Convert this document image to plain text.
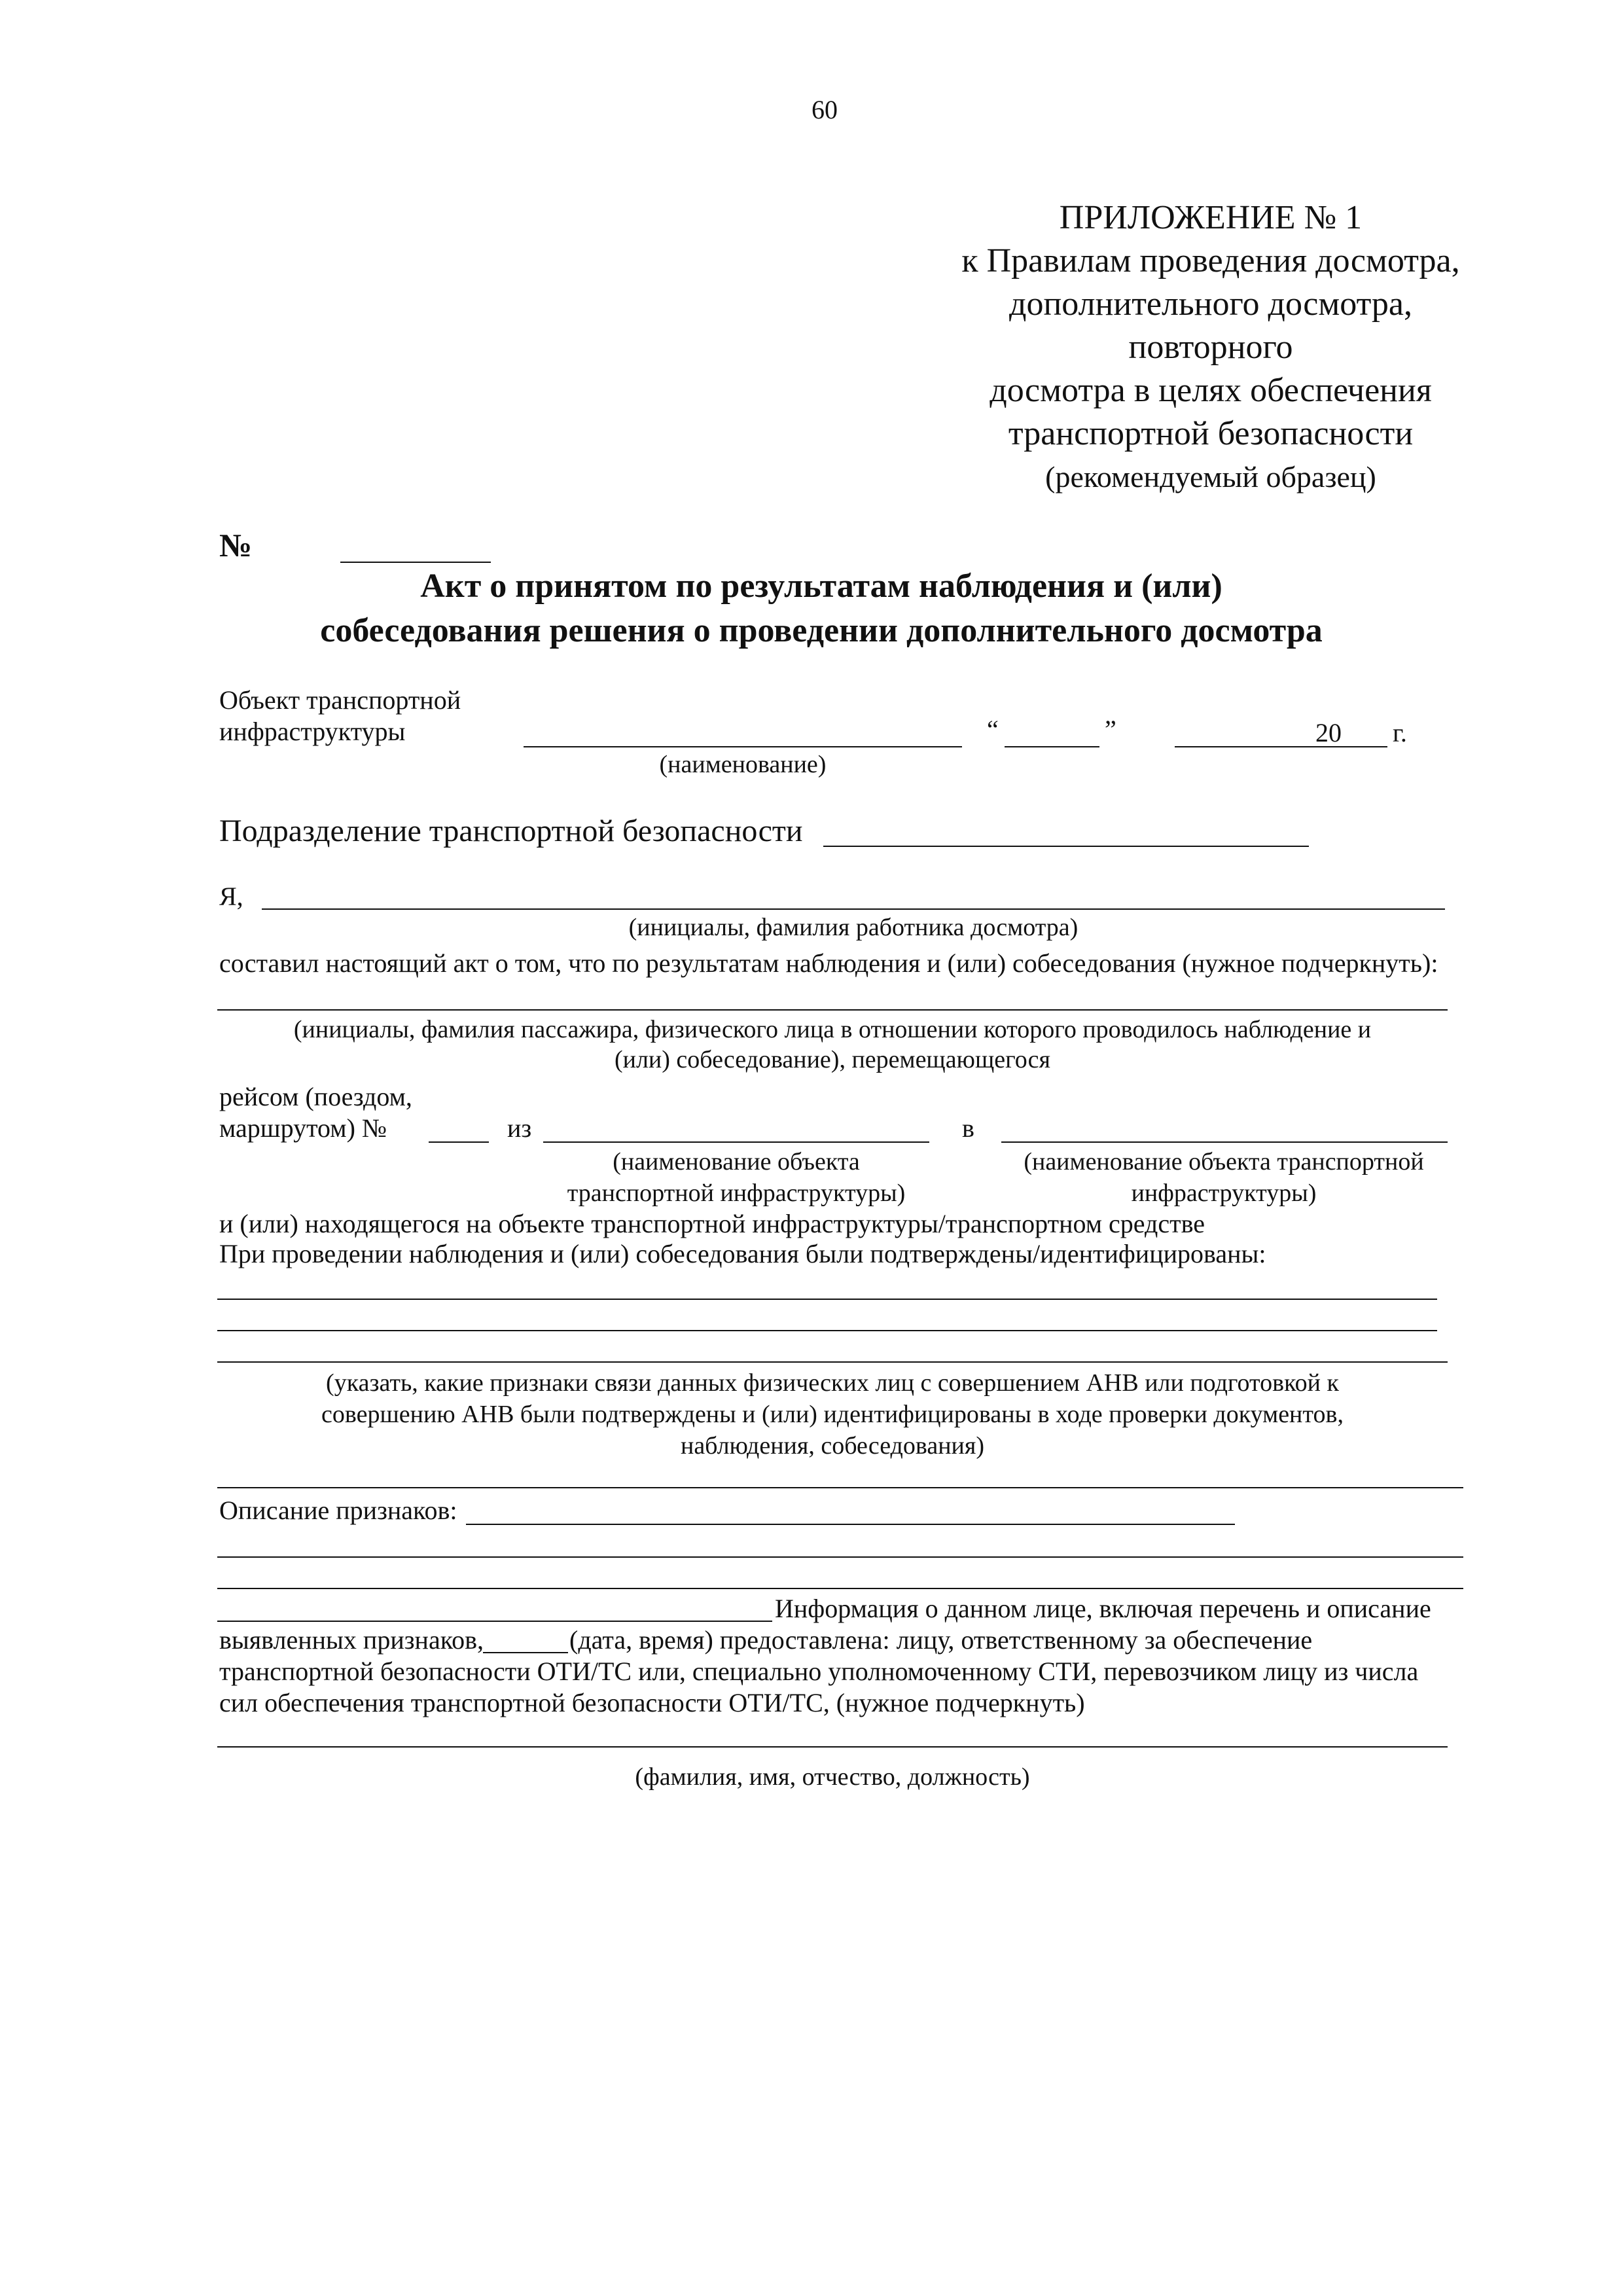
60
ПРИЛОЖЕНИЕ № 1
к Правилам проведения досмотра,
дополнительного досмотра,
повторного
досмотра в целях обеспечения
транспортной безопасности
(рекомендуемый образец)
№
Акт о принятом по результатам наблюдения и (или)
собеседования решения о проведении дополнительного досмотра
Объект транспортной
инфраструктуры
(наименование)
“	”	20 г.
Подразделение транспортной безопасности
Я,
(инициалы, фамилия работника досмотра)
составил настоящий акт о том, что по результатам наблюдения и (или) собеседования (нужное подчеркнуть):
(инициалы, фамилия пассажира, физического лица в отношении которого проводилось наблюдение и
(или) собеседование), перемещающегося
рейсом (поездом,
маршрутом) №	из	в
(наименование объекта
транспортной инфраструктуры)
(наименование объекта транспортной
инфраструктуры)
и (или) находящегося на объекте транспортной инфраструктуры/транспортном средстве
При проведении наблюдения и (или) собеседования были подтверждены/идентифицированы:
(указать, какие признаки связи данных физических лиц с совершением АНВ или подготовкой к
совершению АНВ были подтверждены и (или) идентифицированы в ходе проверки документов,
наблюдения, собеседования)
Описание признаков:
Информация о данном лице, включая перечень и описание
выявленных признаков,	(дата, время) предоставлена: лицу, ответственному за обеспечение
транспортной безопасности ОТИ/ТС или, специально уполномоченному СТИ, перевозчиком лицу из числа
сил обеспечения транспортной безопасности ОТИ/ТС, (нужное подчеркнуть)
(фамилия, имя, отчество, должность)
